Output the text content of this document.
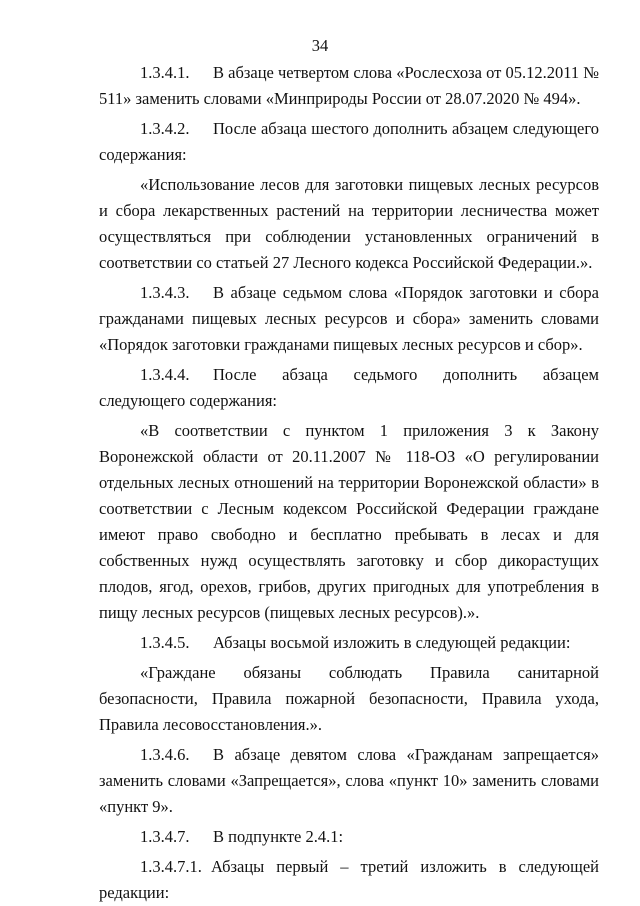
34

1.3.4.1. В абзаце четвертом слова «Рослесхоза от 05.12.2011 № 511» заменить словами «Минприроды России от 28.07.2020 № 494».

1.3.4.2. После абзаца шестого дополнить абзацем следующего содержания:

«Использование лесов для заготовки пищевых лесных ресурсов и сбора лекарственных растений на территории лесничества может осуществляться при соблюдении установленных ограничений в соответствии со статьей 27 Лесного кодекса Российской Федерации.».

1.3.4.3. В абзаце седьмом слова «Порядок заготовки и сбора гражданами пищевых лесных ресурсов и сбора» заменить словами «Порядок заготовки гражданами пищевых лесных ресурсов и сбор».

1.3.4.4. После абзаца седьмого дополнить абзацем следующего содержания:

«В соответствии с пунктом 1 приложения 3 к Закону Воронежской области от 20.11.2007 № 118-ОЗ «О регулировании отдельных лесных отношений на территории Воронежской области» в соответствии с Лесным кодексом Российской Федерации граждане имеют право свободно и бесплатно пребывать в лесах и для собственных нужд осуществлять заготовку и сбор дикорастущих плодов, ягод, орехов, грибов, других пригодных для употребления в пищу лесных ресурсов (пищевых лесных ресурсов).».

1.3.4.5. Абзацы восьмой изложить в следующей редакции:

«Граждане обязаны соблюдать Правила санитарной безопасности, Правила пожарной безопасности, Правила ухода, Правила лесовосстановления.».

1.3.4.6. В абзаце девятом слова «Гражданам запрещается» заменить словами «Запрещается», слова «пункт 10» заменить словами «пункт 9».

1.3.4.7. В подпункте 2.4.1:

1.3.4.7.1. Абзацы первый – третий изложить в следующей редакции:
